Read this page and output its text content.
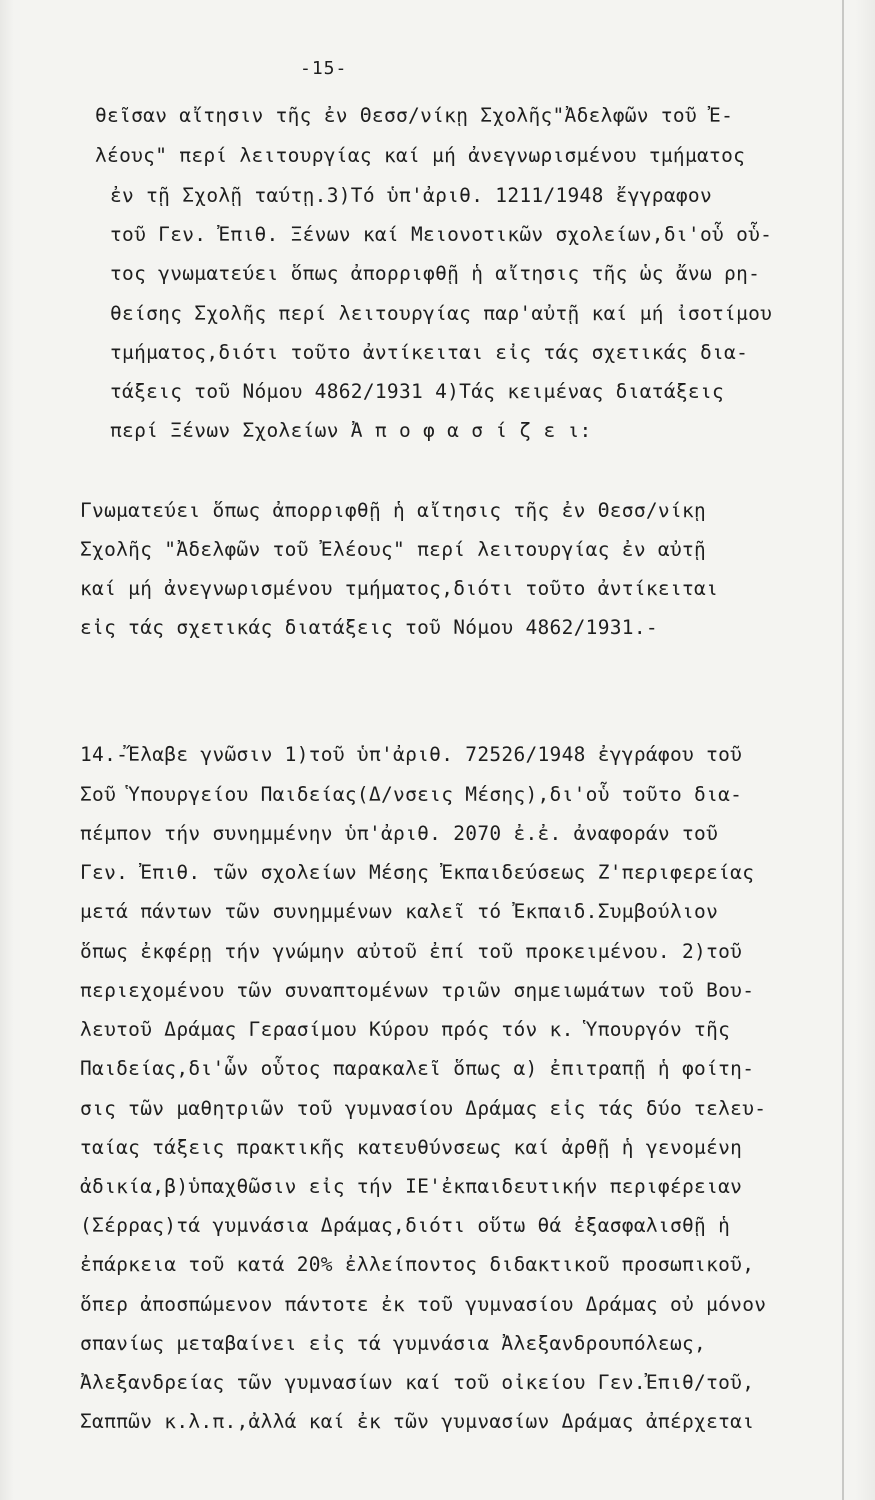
-15-
θεῖσαν αἴτησιν τῆς ἐν Θεσσ/νίκῃ Σχολῆς"Ἀδελφῶν τοῦ Ἐ-
λέους" περί λειτουργίας καί μή ἀνεγνωρισμένου τμήματος
ἐν τῇ Σχολῇ ταύτῃ.3)Τό ὑπ'ἀριθ. 1211/1948 ἔγγραφον
τοῦ Γεν. Ἐπιθ. Ξένων καί Μειονοτικῶν σχολείων,δι'οὗ οὗ-
τος γνωματεύει ὅπως ἀπορριφθῇ ἡ αἴτησις τῆς ὡς ἄνω ρη-
θείσης Σχολῆς περί λειτουργίας παρ'αὐτῇ καί μή ἰσοτίμου
τμήματος,διότι τοῦτο ἀντίκειται εἰς τάς σχετικάς δια-
τάξεις τοῦ Νόμου 4862/1931 4)Τάς κειμένας διατάξεις
περί Ξένων Σχολείων Ἀ π ο φ α σ ί ζ ε ι:
Γνωματεύει ὅπως ἀπορριφθῇ ἡ αἴτησις τῆς ἐν Θεσσ/νίκῃ
Σχολῆς "Ἀδελφῶν τοῦ Ἐλέους" περί λειτουργίας ἐν αὐτῇ
καί μή ἀνεγνωρισμένου τμήματος,διότι τοῦτο ἀντίκειται
εἰς τάς σχετικάς διατάξεις τοῦ Νόμου 4862/1931.-
14.-Ἔλαβε γνῶσιν 1)τοῦ ὑπ'ἀριθ. 72526/1948 ἐγγράφου τοῦ
Σοῦ Ὑπουργείου Παιδείας(Δ/νσεις Μέσης),δι'οὗ τοῦτο δια-
πέμπον τήν συνημμένην ὑπ'ἀριθ. 2070 ἐ.ἐ. ἀναφοράν τοῦ
Γεν. Ἐπιθ. τῶν σχολείων Μέσης Ἐκπαιδεύσεως Ζ'περιφερείας
μετά πάντων τῶν συνημμένων καλεῖ τό Ἐκπαιδ.Συμβούλιον
ὅπως ἐκφέρῃ τήν γνώμην αὐτοῦ ἐπί τοῦ προκειμένου. 2)τοῦ
περιεχομένου τῶν συναπτομένων τριῶν σημειωμάτων τοῦ Βου-
λευτοῦ Δράμας Γερασίμου Κύρου πρός τόν κ. Ὑπουργόν τῆς
Παιδείας,δι'ὧν οὗτος παρακαλεῖ ὅπως α) ἐπιτραπῇ ἡ φοίτη-
σις τῶν μαθητριῶν τοῦ γυμνασίου Δράμας εἰς τάς δύο τελευ-
ταίας τάξεις πρακτικῆς κατευθύνσεως καί ἀρθῇ ἡ γενομένη
ἀδικία,β)ὑπαχθῶσιν εἰς τήν ΙΕ'ἐκπαιδευτικήν περιφέρειαν
(Σέρρας)τά γυμνάσια Δράμας,διότι οὕτω θά ἐξασφαλισθῇ ἡ
ἐπάρκεια τοῦ κατά 20% ἐλλείποντος διδακτικοῦ προσωπικοῦ,
ὅπερ ἀποσπώμενον πάντοτε ἐκ τοῦ γυμνασίου Δράμας οὐ μόνον
σπανίως μεταβαίνει εἰς τά γυμνάσια Ἀλεξανδρουπόλεως,
Ἀλεξανδρείας τῶν γυμνασίων καί τοῦ οἰκείου Γεν.Ἐπιθ/τοῦ,
Σαππῶν κ.λ.π.,ἀλλά καί ἐκ τῶν γυμνασίων Δράμας ἀπέρχεται
